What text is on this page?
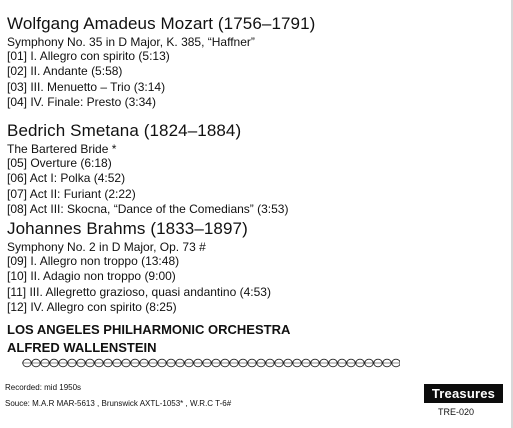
Wolfgang Amadeus Mozart (1756–1791)
Symphony No. 35 in D Major, K. 385, “Haffner”
[01] I. Allegro con spirito (5:13)
[02] II. Andante (5:58)
[03] III. Menuetto – Trio (3:14)
[04] IV. Finale: Presto (3:34)
Bedrich Smetana (1824–1884)
The Bartered Bride *
[05] Overture (6:18)
[06] Act I: Polka (4:52)
[07] Act II: Furiant (2:22)
[08] Act III: Skocna, “Dance of the Comedians” (3:53)
Johannes Brahms (1833–1897)
Symphony No. 2 in D Major, Op. 73 #
[09] I. Allegro non troppo (13:48)
[10] II. Adagio non troppo (9:00)
[11] III. Allegretto grazioso, quasi andantino (4:53)
[12] IV. Allegro con spirito (8:25)
LOS ANGELES PHILHARMONIC ORCHESTRA
ALFRED WALLENSTEIN
Recorded: mid 1950s
Souce: M.A.R MAR-5613 , Brunswick AXTL-1053* , W.R.C T-6#
Treasures
TRE-020
